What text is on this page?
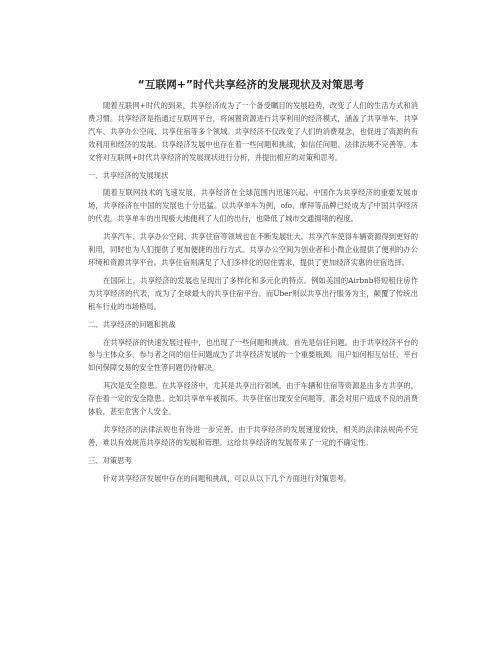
“互联网+”时代共享经济的发展现状及对策思考

随着互联网+时代的到来，共享经济成为了一个备受瞩目的发展趋势，改变了人们的生活方式和消费习惯。共享经济是指通过互联网平台，将闲置资源进行共享利用的经济模式，涵盖了共享单车、共享汽车、共享办公空间、共享住宿等多个领域。共享经济不仅改变了人们的消费观念，也促进了资源的有效利用和经济的发展。共享经济发展中也存在着一些问题和挑战，如信任问题、法律法规不完善等。本文将对互联网+时代共享经济的发展现状进行分析，并提出相应的对策和思考。

一、共享经济的发展现状

随着互联网技术的飞速发展，共享经济在全球范围内迅速兴起。中国作为共享经济的重要发展市场，共享经济在中国的发展也十分迅猛。以共享单车为例，ofo、摩拜等品牌已经成为了中国共享经济的代表。共享单车的出现极大地便利了人们的出行，也降低了城市交通拥堵的程度。

共享汽车、共享办公空间、共享住宿等领域也在不断发展壮大。共享汽车使得车辆资源得到更好的利用，同时也为人们提供了更加便捷的出行方式。共享办公空间为创业者和小微企业提供了便利的办公环境和资源共享平台。共享住宿则满足了人们多样化的居住需求，提供了更加经济实惠的住宿选择。

在国际上，共享经济的发展也呈现出了多样化和多元化的特点。例如美国的Airbnb将短租住房作为共享经济的代表，成为了全球最大的共享住宿平台。而Uber则以共享出行服务为主，颠覆了传统出租车行业的市场格局。

二、共享经济的问题和挑战

在共享经济的快速发展过程中，也出现了一些问题和挑战。首先是信任问题。由于共享经济平台的参与主体众多，参与者之间的信任问题成为了共享经济发展的一个重要瓶颈。用户如何相互信任、平台如何保障交易的安全性等问题仍待解决。

其次是安全隐患。在共享经济中，尤其是共享出行领域，由于车辆和住宿等资源是由多方共享的，存在着一定的安全隐患。比如共享单车被损坏、共享住宿出现安全问题等，都会对用户造成不良的消费体验，甚至危害个人安全。

共享经济的法律法规也有待进一步完善。由于共享经济的发展速度较快，相关的法律法规尚不完善，难以有效规范共享经济的发展和管理。这给共享经济的发展带来了一定的不确定性。

三、对策思考

针对共享经济发展中存在的问题和挑战，可以从以下几个方面进行对策思考。
